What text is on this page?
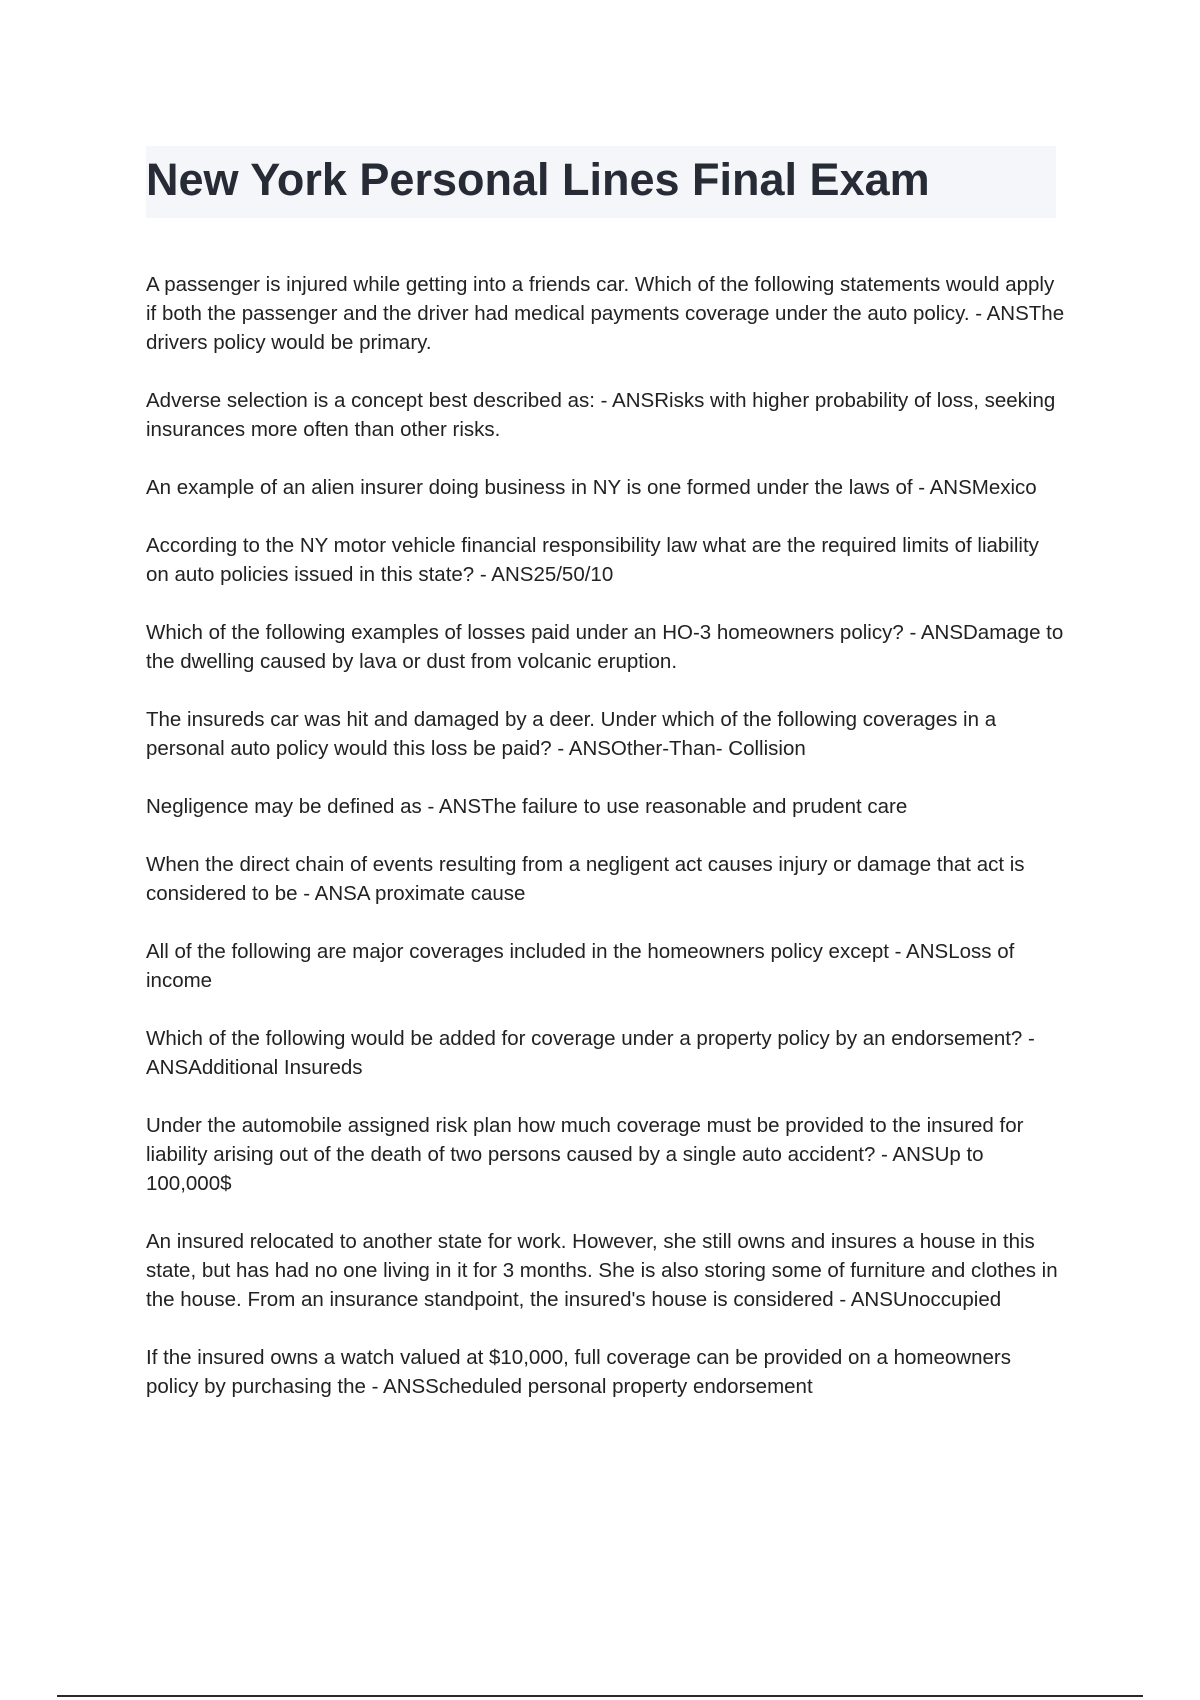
New York Personal Lines Final Exam

A passenger is injured while getting into a friends car. Which of the following statements would apply if both the passenger and the driver had medical payments coverage under the auto policy. - ANSThe drivers policy would be primary.

Adverse selection is a concept best described as: - ANSRisks with higher probability of loss, seeking insurances more often than other risks.

An example of an alien insurer doing business in NY is one formed under the laws of - ANSMexico

According to the NY motor vehicle financial responsibility law what are the required limits of liability on auto policies issued in this state? - ANS25/50/10

Which of the following examples of losses paid under an HO-3 homeowners policy? - ANSDamage to the dwelling caused by lava or dust from volcanic eruption.

The insureds car was hit and damaged by a deer. Under which of the following coverages in a personal auto policy would this loss be paid? - ANSOther-Than- Collision

Negligence may be defined as - ANSThe failure to use reasonable and prudent care

When the direct chain of events resulting from a negligent act causes injury or damage that act is considered to be - ANSA proximate cause

All of the following are major coverages included in the homeowners policy except - ANSLoss of income

Which of the following would be added for coverage under a property policy by an endorsement? - ANSAdditional Insureds

Under the automobile assigned risk plan how much coverage must be provided to the insured for liability arising out of the death of two persons caused by a single auto accident? - ANSUp to 100,000$

An insured relocated to another state for work. However, she still owns and insures a house in this state, but has had no one living in it for 3 months. She is also storing some of furniture and clothes in the house. From an insurance standpoint, the insured's house is considered - ANSUnoccupied

If the insured owns a watch valued at $10,000, full coverage can be provided on a homeowners policy by purchasing the - ANSScheduled personal property endorsement
